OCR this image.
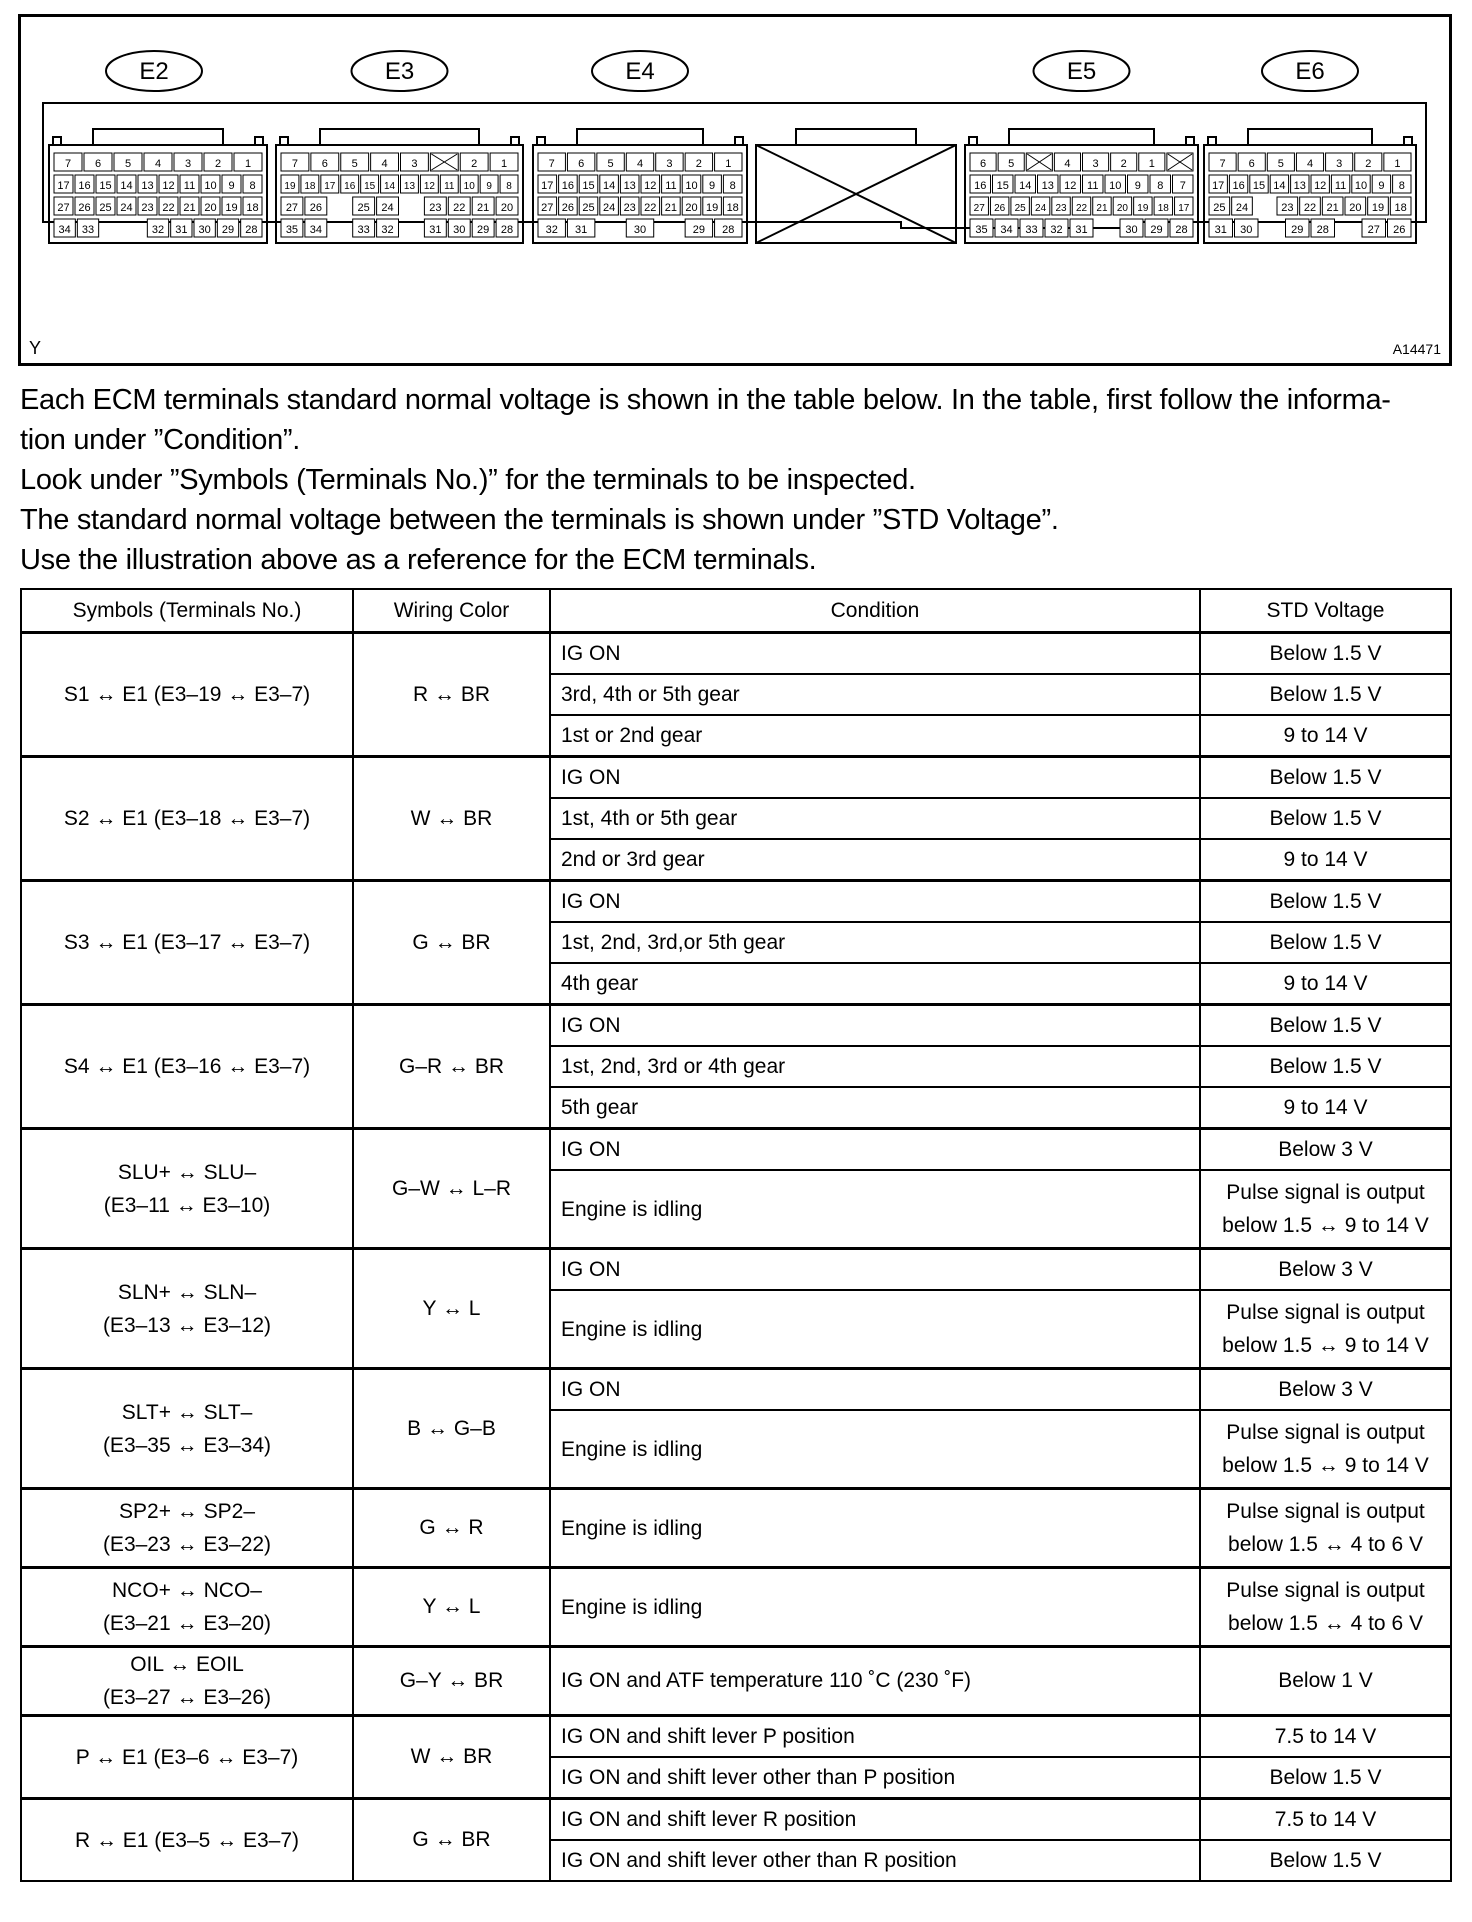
E2
7 6 5 4 3 2 1
17 16 15 14 13 12 11 10 9 8
27 26 25 24 23 22 21 20 19 18
34 33	32 31 30 29 28
E3
7 6 5 4 3	2 1
19 18 17 16 15 14 13 12 11 10 9 8
27 26	25 24	23 22 21 20
35 34	33 32	31 30 29 28
E4
7 6 5 4 3 2 1
17 16 15 14 13 12 11 10 9 8
27 26 25 24 23 22 21 20 19 18
32 31	30	29 28
E5
6 5	4 3 2 1
16 15 14 13 12 11 10 9 8 7
27 26 25 24 23 22 21 20 19 18 17
35 34 33 32 31	30 29 28
E6
7 6 5 4 3 2 1
17 16 15 14 13 12 11 10 9 8
25 24	23 22 21 20 19 18
31 30	29 28	27 26
Y	A14471

Each ECM terminals standard normal voltage is shown in the table below. In the table, first follow the informa-

tion under ”Condition”.

Look under ”Symbols (Terminals No.)” for the terminals to be inspected.

The standard normal voltage between the terminals is shown under ”STD Voltage”.

Use the illustration above as a reference for the ECM terminals.

Symbols (Terminals No.)	Wiring Color	Condition	STD Voltage

S1 ↔ E1 (E3–19 ↔ E3–7)	R ↔ BR	IG ON	Below 1.5 V

		3rd, 4th or 5th gear	Below 1.5 V

		1st or 2nd gear	9 to 14 V

S2 ↔ E1 (E3–18 ↔ E3–7)	W ↔ BR	IG ON	Below 1.5 V

		1st, 4th or 5th gear	Below 1.5 V

		2nd or 3rd gear	9 to 14 V

S3 ↔ E1 (E3–17 ↔ E3–7)	G ↔ BR	IG ON	Below 1.5 V

		1st, 2nd, 3rd,or 5th gear	Below 1.5 V

		4th gear	9 to 14 V

S4 ↔ E1 (E3–16 ↔ E3–7)	G–R ↔ BR	IG ON	Below 1.5 V

		1st, 2nd, 3rd or 4th gear	Below 1.5 V

		5th gear	9 to 14 V

SLU+ ↔ SLU–
(E3–11 ↔ E3–10)	G–W ↔ L–R	IG ON	Below 3 V

		Engine is idling	Pulse signal is output
below 1.5 ↔ 9 to 14 V

SLN+ ↔ SLN–
(E3–13 ↔ E3–12)	Y ↔ L	IG ON	Below 3 V

		Engine is idling	Pulse signal is output
below 1.5 ↔ 9 to 14 V

SLT+ ↔ SLT–
(E3–35 ↔ E3–34)	B ↔ G–B	IG ON	Below 3 V

		Engine is idling	Pulse signal is output
below 1.5 ↔ 9 to 14 V

SP2+ ↔ SP2–
(E3–23 ↔ E3–22)	G ↔ R	Engine is idling	Pulse signal is output
below 1.5 ↔ 4 to 6 V

NCO+ ↔ NCO–
(E3–21 ↔ E3–20)	Y ↔ L	Engine is idling	Pulse signal is output
below 1.5 ↔ 4 to 6 V

OIL ↔ EOIL
(E3–27 ↔ E3–26)	G–Y ↔ BR	IG ON and ATF temperature 110 ˚C (230 ˚F)	Below 1 V

P ↔ E1 (E3–6 ↔ E3–7)	W ↔ BR	IG ON and shift lever P position	7.5 to 14 V

		IG ON and shift lever other than P position	Below 1.5 V

R ↔ E1 (E3–5 ↔ E3–7)	G ↔ BR	IG ON and shift lever R position	7.5 to 14 V

		IG ON and shift lever other than R position	Below 1.5 V
